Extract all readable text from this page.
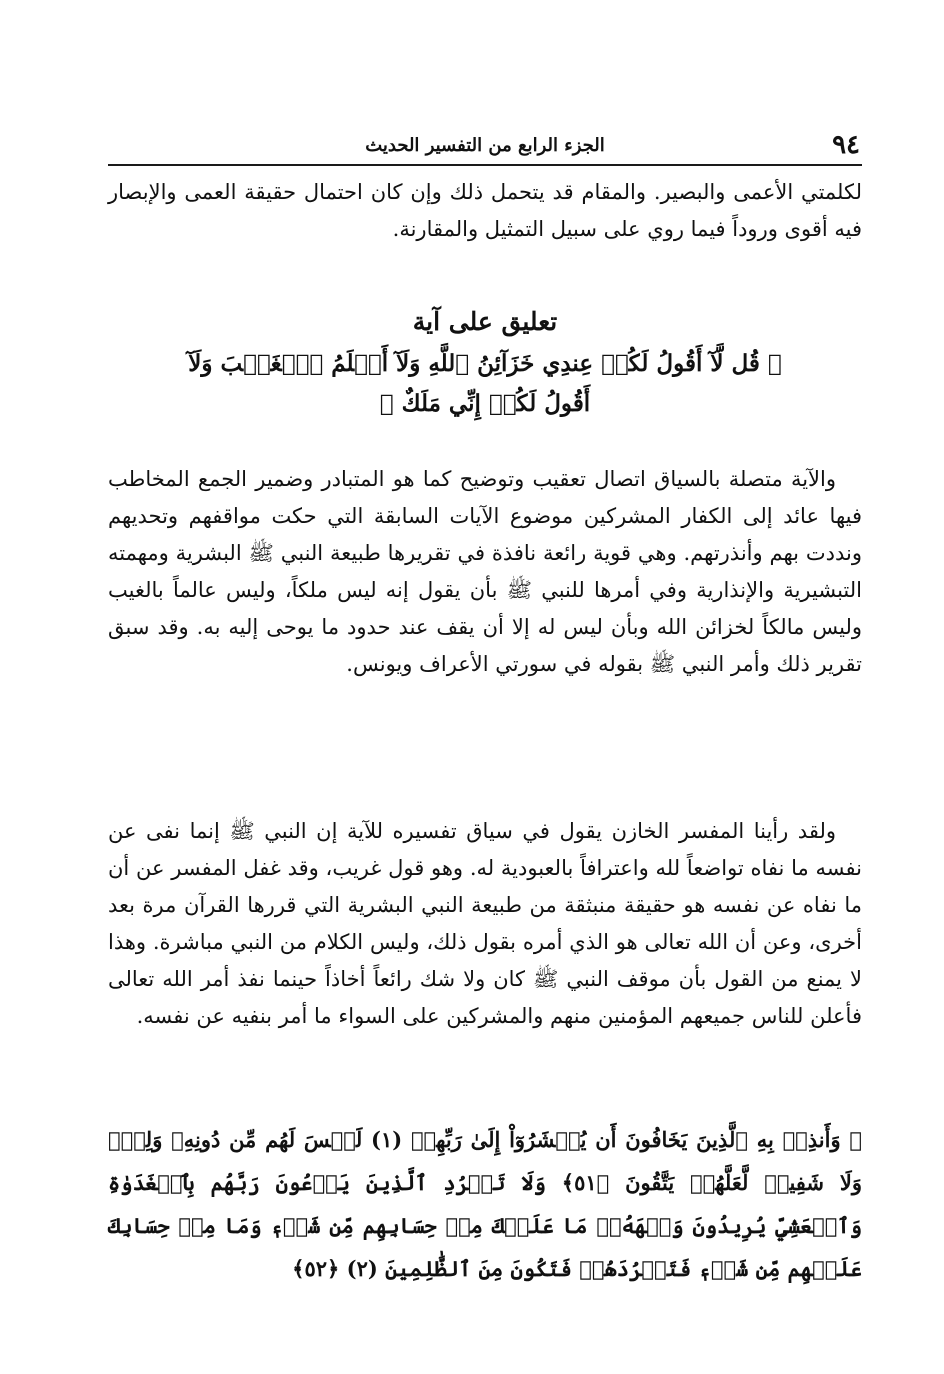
٩٤
الجزء الرابع من التفسير الحديث

لكلمتي الأعمى والبصير. والمقام قد يتحمل ذلك وإن كان احتمال حقيقة العمى والإبصار فيه أقوى وروداً فيما روي على سبيل التمثيل والمقارنة.

تعليق على آية
﴿ قُل لَّآ أَقُولُ لَكُمۡ عِندِي خَزَآئِنُ ٱللَّهِ وَلَآ أَعۡلَمُ ٱلۡغَيۡبَ وَلَآ أَقُولُ لَكُمۡ إِنِّي مَلَكٌ ﴾

والآية متصلة بالسياق اتصال تعقيب وتوضيح كما هو المتبادر وضمير الجمع المخاطب فيها عائد إلى الكفار المشركين موضوع الآيات السابقة التي حكت مواقفهم وتحديهم ونددت بهم وأنذرتهم. وهي قوية رائعة نافذة في تقريرها طبيعة النبي ﷺ البشرية ومهمته التبشيرية والإنذارية وفي أمرها للنبي ﷺ بأن يقول إنه ليس ملكاً، وليس عالماً بالغيب وليس مالكاً لخزائن الله وبأن ليس له إلا أن يقف عند حدود ما يوحى إليه به. وقد سبق تقرير ذلك وأمر النبي ﷺ بقوله في سورتي الأعراف ويونس.

ولقد رأينا المفسر الخازن يقول في سياق تفسيره للآية إن النبي ﷺ إنما نفى عن نفسه ما نفاه تواضعاً لله واعترافاً بالعبودية له. وهو قول غريب، وقد غفل المفسر عن أن ما نفاه عن نفسه هو حقيقة منبثقة من طبيعة النبي البشرية التي قررها القرآن مرة بعد أخرى، وعن أن الله تعالى هو الذي أمره بقول ذلك، وليس الكلام من النبي مباشرة. وهذا لا يمنع من القول بأن موقف النبي ﷺ كان ولا شك رائعاً أخاذاً حينما نفذ أمر الله تعالى فأعلن للناس جميعهم المؤمنين منهم والمشركين على السواء ما أمر بنفيه عن نفسه.

﴿ وَأَنذِرۡ بِهِ ٱلَّذِينَ يَخَافُونَ أَن يُحۡشَرُوٓاْ إِلَىٰ رَبِّهِمۡ (١) لَيۡسَ لَهُم مِّن دُونِهِۦ وَلِيّٞ وَلَا شَفِيعٞ لَّعَلَّهُمۡ يَتَّقُونَ ﴿٥١﴾ وَلَا تَطۡرُدِ ٱلَّذِينَ يَدۡعُونَ رَبَّهُم بِٱلۡغَدَوٰةِ وَٱلۡعَشِيِّ يُرِيدُونَ وَجۡهَهُۥۖ مَا عَلَيۡكَ مِنۡ حِسَابِهِم مِّن شَيۡءٖ وَمَا مِنۡ حِسَابِكَ عَلَيۡهِم مِّن شَيۡءٖ فَتَطۡرُدَهُمۡ فَتَكُونَ مِنَ ٱلظَّٰلِمِينَ (٢) ﴿٥٢﴾
